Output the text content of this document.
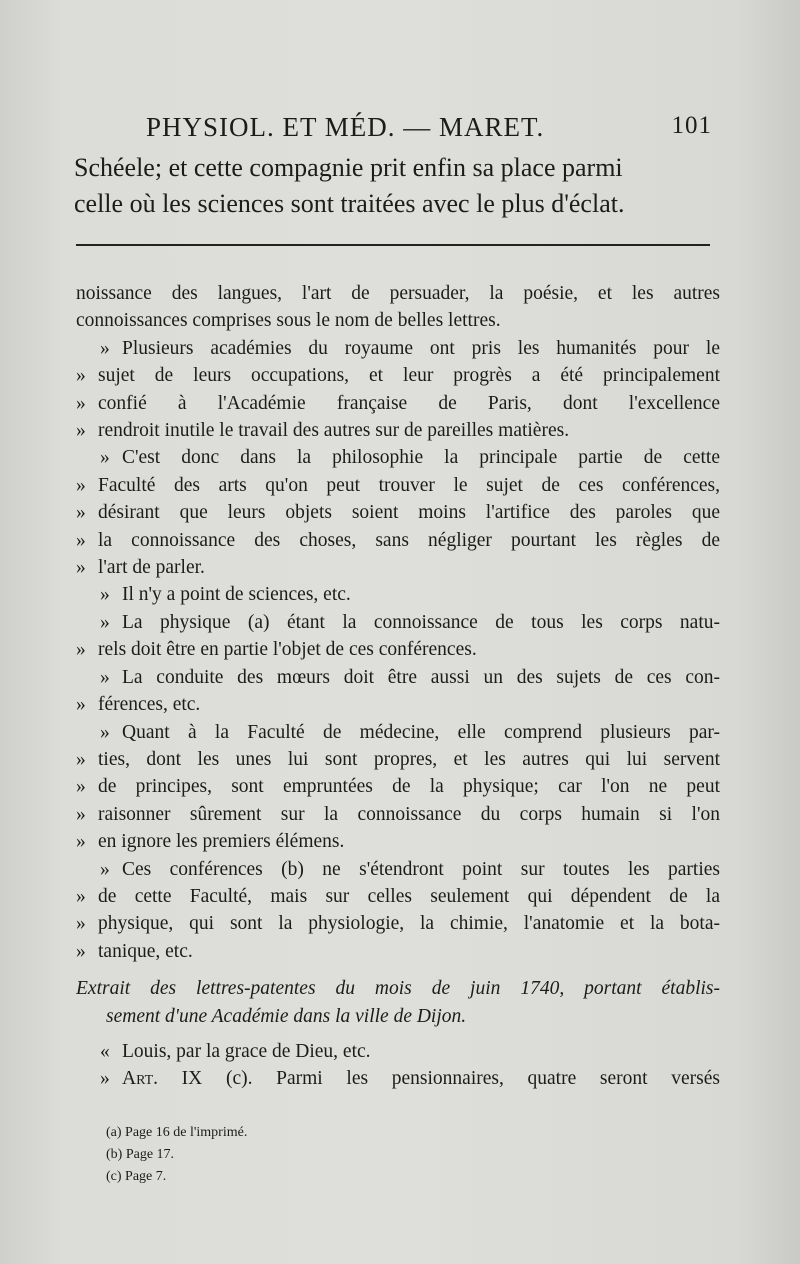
PHYSIOL. ET MÉD. — MARET.	101
Schéele; et cette compagnie prit enfin sa place parmi
celle où les sciences sont traitées avec le plus d'éclat.
noissance des langues, l'art de persuader, la poésie, et les autres
connoissances comprises sous le nom de belles lettres.
» Plusieurs académies du royaume ont pris les humanités pour le
» sujet de leurs occupations, et leur progrès a été principalement
» confié à l'Académie française de Paris, dont l'excellence
» rendroit inutile le travail des autres sur de pareilles matières.
» C'est donc dans la philosophie la principale partie de cette
» Faculté des arts qu'on peut trouver le sujet de ces conférences,
» désirant que leurs objets soient moins l'artifice des paroles que
» la connoissance des choses, sans négliger pourtant les règles de
» l'art de parler.
» Il n'y a point de sciences, etc.
» La physique (a) étant la connoissance de tous les corps natu-
» rels doit être en partie l'objet de ces conférences.
» La conduite des mœurs doit être aussi un des sujets de ces con-
» férences, etc.
» Quant à la Faculté de médecine, elle comprend plusieurs par-
» ties, dont les unes lui sont propres, et les autres qui lui servent
» de principes, sont empruntées de la physique; car l'on ne peut
» raisonner sûrement sur la connoissance du corps humain si l'on
» en ignore les premiers élémens.
» Ces conférences (b) ne s'étendront point sur toutes les parties
» de cette Faculté, mais sur celles seulement qui dépendent de la
» physique, qui sont la physiologie, la chimie, l'anatomie et la bota-
» tanique, etc.
Extrait des lettres-patentes du mois de juin 1740, portant établis-
sement d'une Académie dans la ville de Dijon.
« Louis, par la grace de Dieu, etc.
» Art. IX (c). Parmi les pensionnaires, quatre seront versés
(a) Page 16 de l'imprimé.
(b) Page 17.
(c) Page 7.
